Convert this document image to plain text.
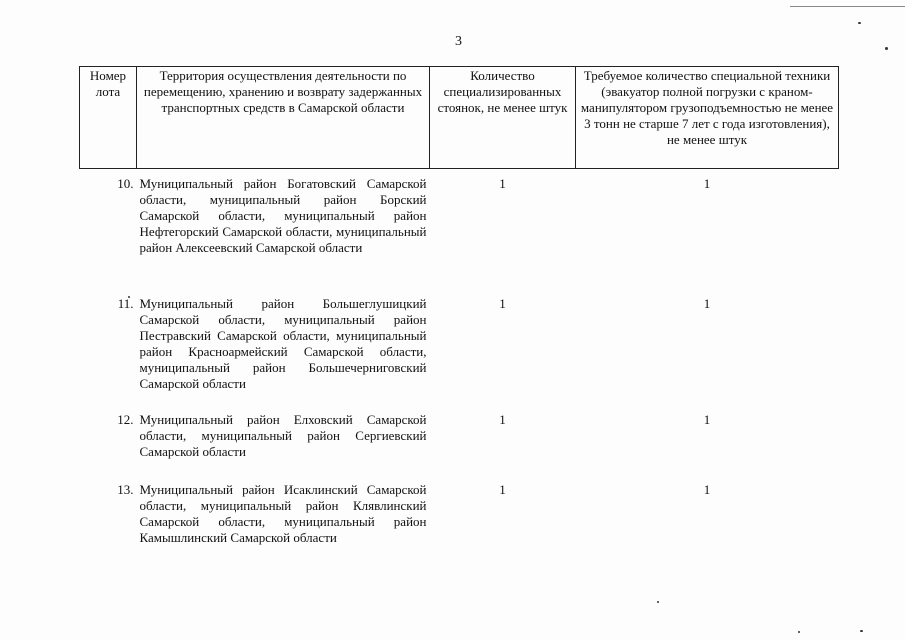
3
Номер лота	Территория осуществления деятельности по перемещению, хранению и возврату задержанных транспортных средств в Самарской области	Количество специализированных стоянок, не менее штук	Требуемое количество специальной техники (эвакуатор полной погрузки с краном-манипулятором грузоподъемностью не менее 3 тонн не старше 7 лет с года изготовления), не менее штук
10.	Муниципальный район Богатовский Самарской области, муниципальный район Борский Самарской области, муниципальный район Нефтегорский Самарской области, муниципальный район Алексеевский Самарской области	1	1
11.	Муниципальный район Большеглушицкий Самарской области, муниципальный район Пестравский Самарской области, муниципальный район Красноармейский Самарской области, муниципальный район Большечерниговский Самарской области	1	1
12.	Муниципальный район Елховский Самарской области, муниципальный район Сергиевский Самарской области	1	1
13.	Муниципальный район Исаклинский Самарской области, муниципальный район Клявлинский Самарской области, муниципальный район Камышлинский Самарской области	1	1
